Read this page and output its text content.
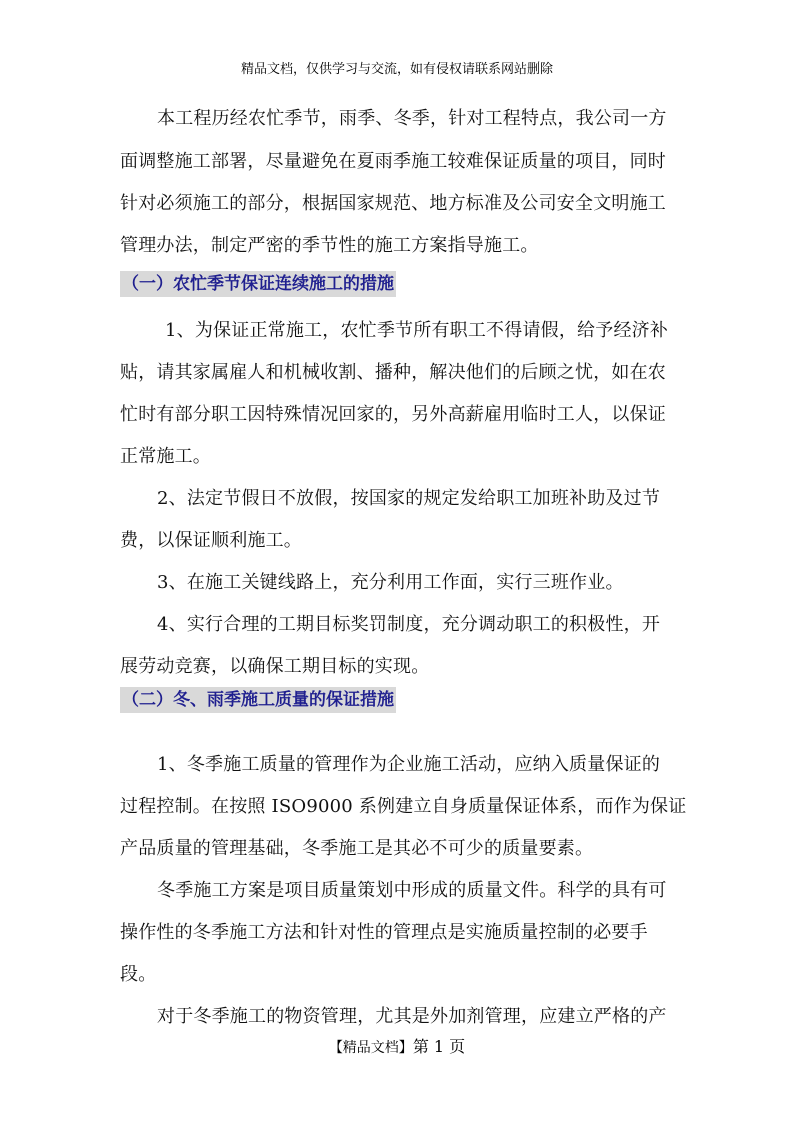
精品文档，仅供学习与交流，如有侵权请联系网站删除
本工程历经农忙季节，雨季、冬季，针对工程特点，我公司一方
面调整施工部署，尽量避免在夏雨季施工较难保证质量的项目，同时
针对必须施工的部分，根据国家规范、地方标准及公司安全文明施工
管理办法，制定严密的季节性的施工方案指导施工。
（一）农忙季节保证连续施工的措施
1、为保证正常施工，农忙季节所有职工不得请假，给予经济补
贴，请其家属雇人和机械收割、播种，解决他们的后顾之忧，如在农
忙时有部分职工因特殊情况回家的，另外高薪雇用临时工人，以保证
正常施工。
2、法定节假日不放假，按国家的规定发给职工加班补助及过节
费，以保证顺利施工。
3、在施工关键线路上，充分利用工作面，实行三班作业。
4、实行合理的工期目标奖罚制度，充分调动职工的积极性，开
展劳动竞赛，以确保工期目标的实现。
（二）冬、雨季施工质量的保证措施
1、冬季施工质量的管理作为企业施工活动，应纳入质量保证的
过程控制。在按照 ISO9000 系例建立自身质量保证体系，而作为保证
产品质量的管理基础，冬季施工是其必不可少的质量要素。
冬季施工方案是项目质量策划中形成的质量文件。科学的具有可
操作性的冬季施工方法和针对性的管理点是实施质量控制的必要手
段。
对于冬季施工的物资管理，尤其是外加剂管理，应建立严格的产
【精品文档】第 1 页
